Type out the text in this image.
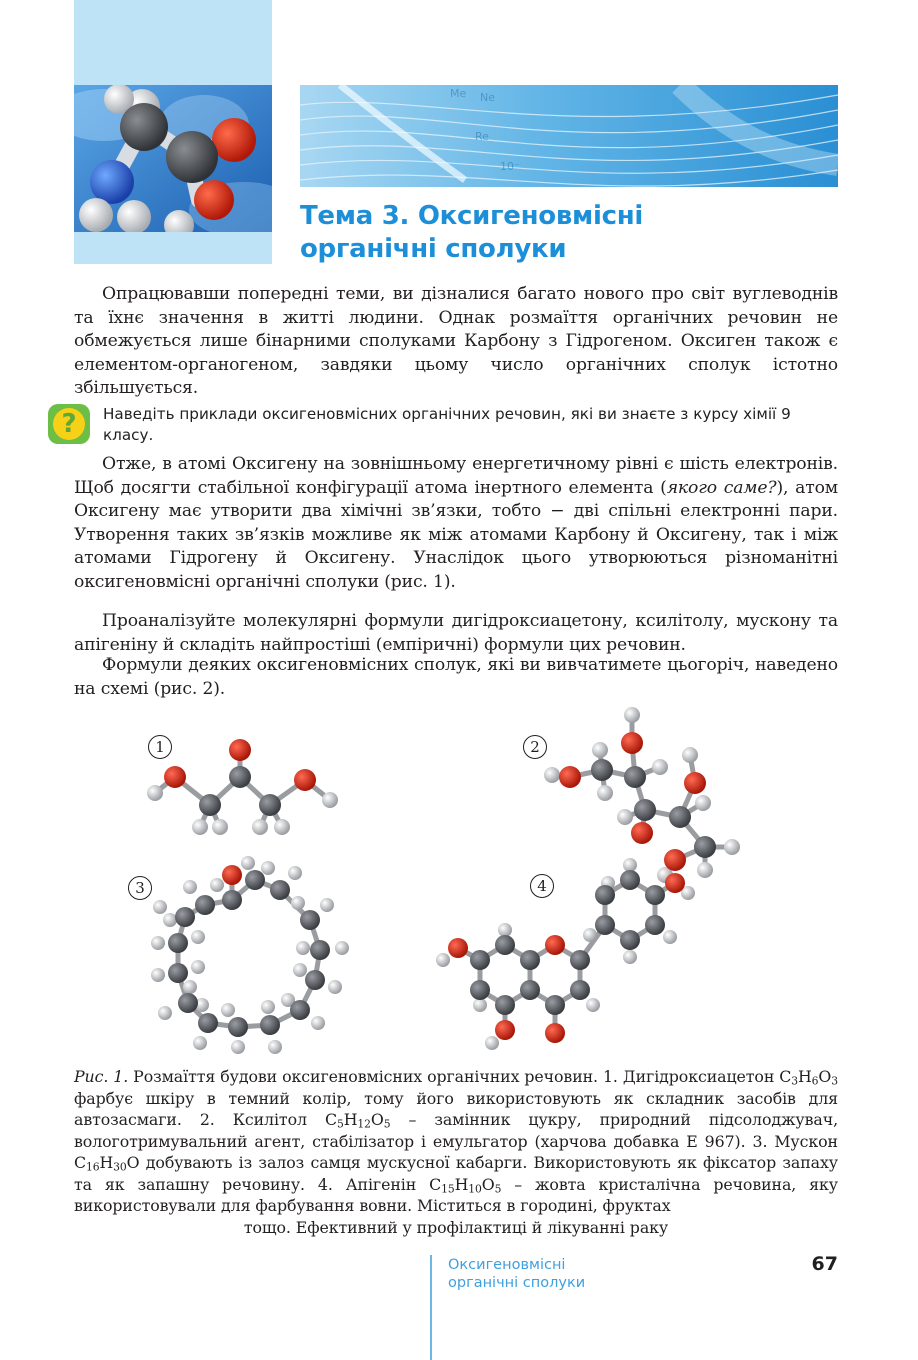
Me Ne
Re
10⁻
Тема 3. Оксигеновмісні
органічні сполуки

Опрацювавши попередні теми, ви дізналися багато нового про світ вуглеводнів та їхнє значення в житті людини. Однак розмаїття органічних речовин не обмежується лише бінарними сполуками Карбону з Гідрогеном. Оксиген також є елементом-органогеном, завдяки цьому число органічних сполук істотно збільшується.

?	Наведіть приклади оксигеновмісних органічних речовин, які ви знаєте з курсу хімії 9 класу.

Отже, в атомі Оксигену на зовнішньому енергетичному рівні є шість електронів. Щоб досягти стабільної конфігурації атома інертного елемента (якого саме?), атом Оксигену має утворити два хімічні зв’язки, тобто − дві спільні електронні пари. Утворення таких зв’язків можливе як між атомами Карбону й Оксигену, так і між атомами Гідрогену й Оксигену. Унаслідок цього утворюються різноманітні оксигеновмісні органічні сполуки (рис. 1).

Проаналізуйте молекулярні формули дигідроксиацетону, ксилітолу, мускону та апігеніну й складіть найпростіші (емпіричні) формули цих речовин.

Формули деяких оксигеновмісних сполук, які ви вивчатимете цьогоріч, наведено на схемі (рис. 2).

1	2
3	4

Рис. 1. Розмаїття будови оксигеновмісних органічних речовин. 1. Дигідроксиацетон $C_3H_6O_3$ фарбує шкіру в темний колір, тому його використовують як складник засобів для автозасмаги. 2. Ксилітол $C_5H_{12}O_5$ – замінник цукру, природний підсолоджувач, вологотримувальний агент, стабілізатор і емульгатор (харчова добавка Е 967). 3. Мускон $C_{16}H_{30}O$ добувають із залоз самця мускусної кабарги. Використовують як фіксатор запаху та як запашну речовину. 4. Апігенін $C_{15}H_{10}O_5$ – жовта кристалічна речовина, яку використовували для фарбування вовни. Міститься в городині, фруктах
тощо. Ефективний у профілактиці й лікуванні раку

Оксигеновмісні
органічні сполуки
67
